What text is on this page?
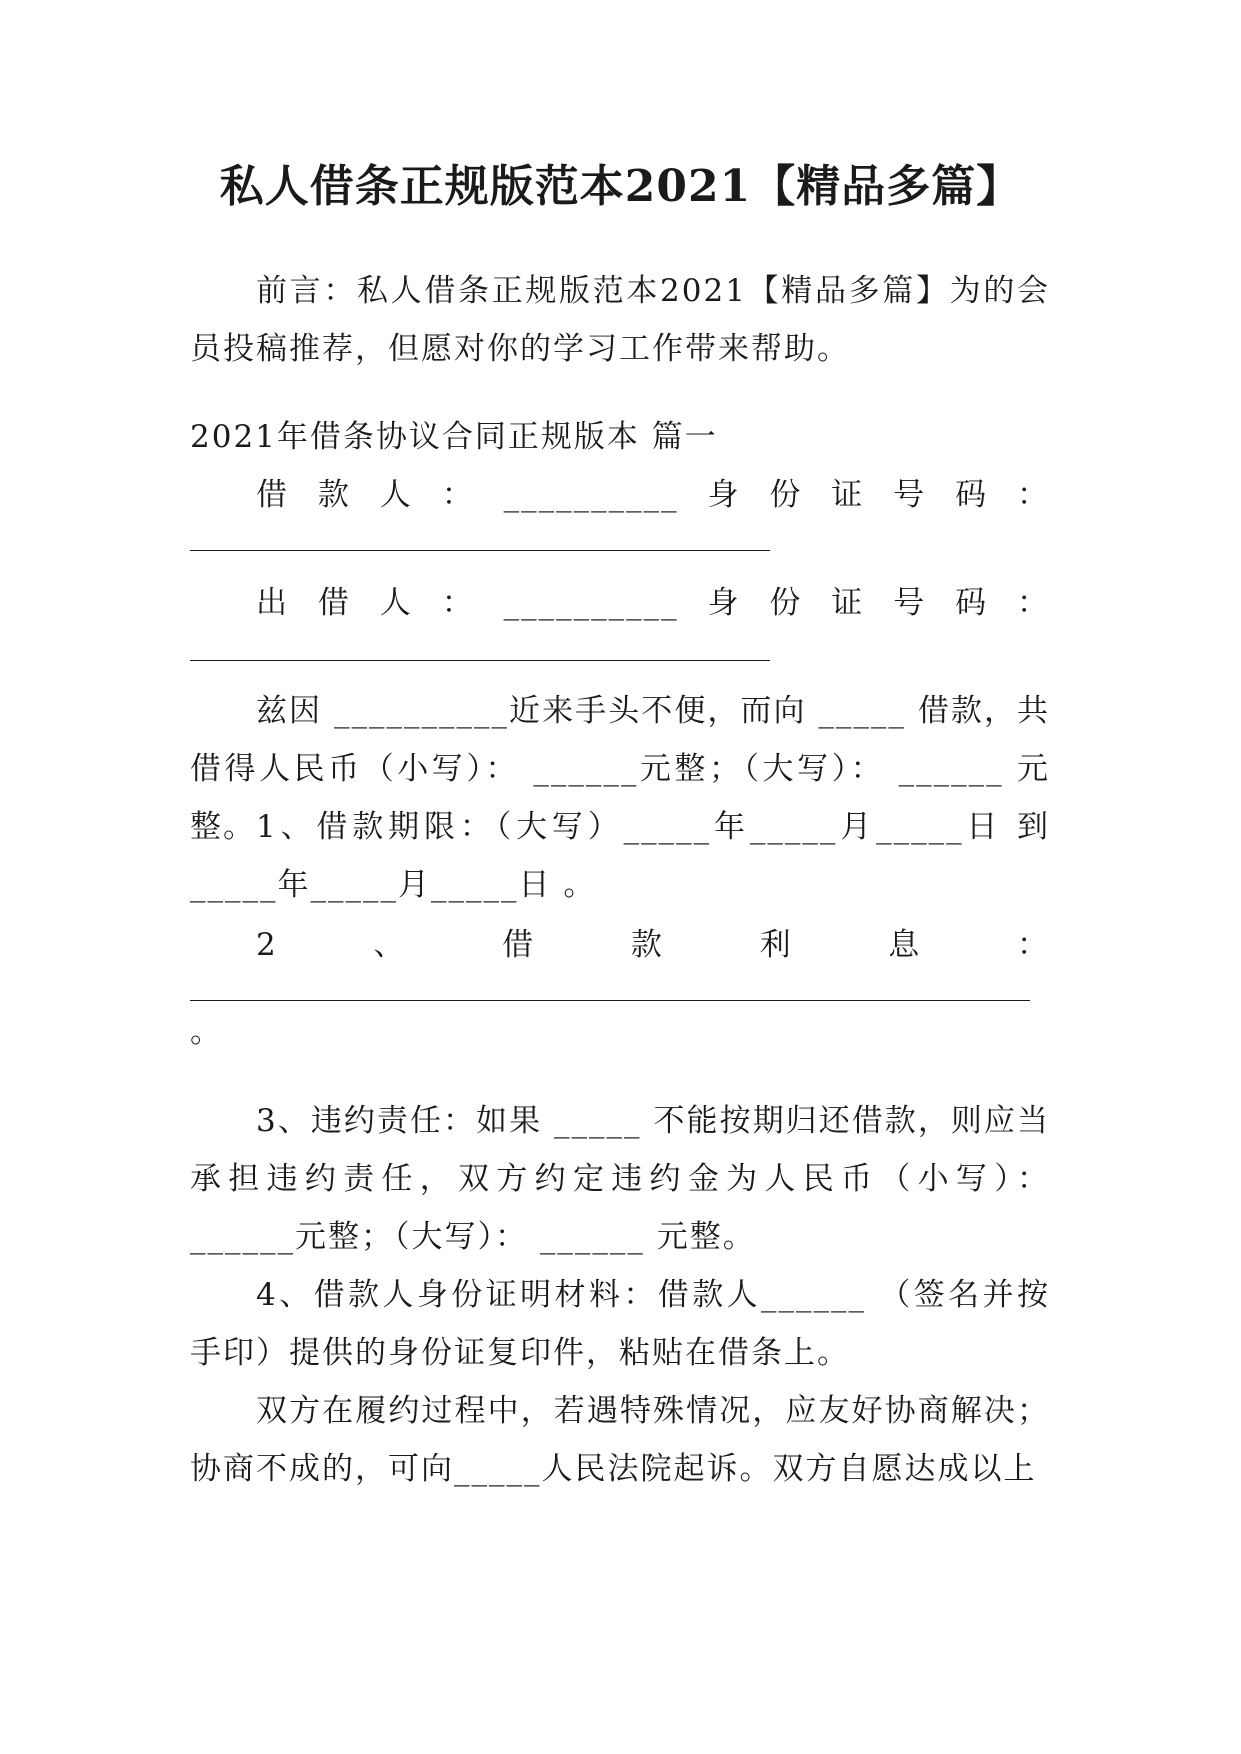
私人借条正规版范本2021【精品多篇】
前言：私人借条正规版范本2021【精品多篇】为的会员投稿推荐，但愿对你的学习工作带来帮助。
2021年借条协议合同正规版本 篇一
借款人：__________身份证号码：
出借人：__________身份证号码：
兹因 __________近来手头不便，而向 _____ 借款，共借得人民币（小写）： ______元整；（大写）： ______ 元整。 1、借款期限：（大写）_____年_____月_____日 到_____年_____月_____日 。
2、借款利息：
。
3、违约责任：如果 _____ 不能按期归还借款，则应当承担违约责任，双方约定违约金为人民币（小写）： ______元整；（大写）： ______ 元整。
4、借款人身份证明材料：借款人______ （签名并按手印）提供的身份证复印件，粘贴在借条上。
双方在履约过程中，若遇特殊情况，应友好协商解决；协商不成的，可向_____人民法院起诉。双方自愿达成以上
